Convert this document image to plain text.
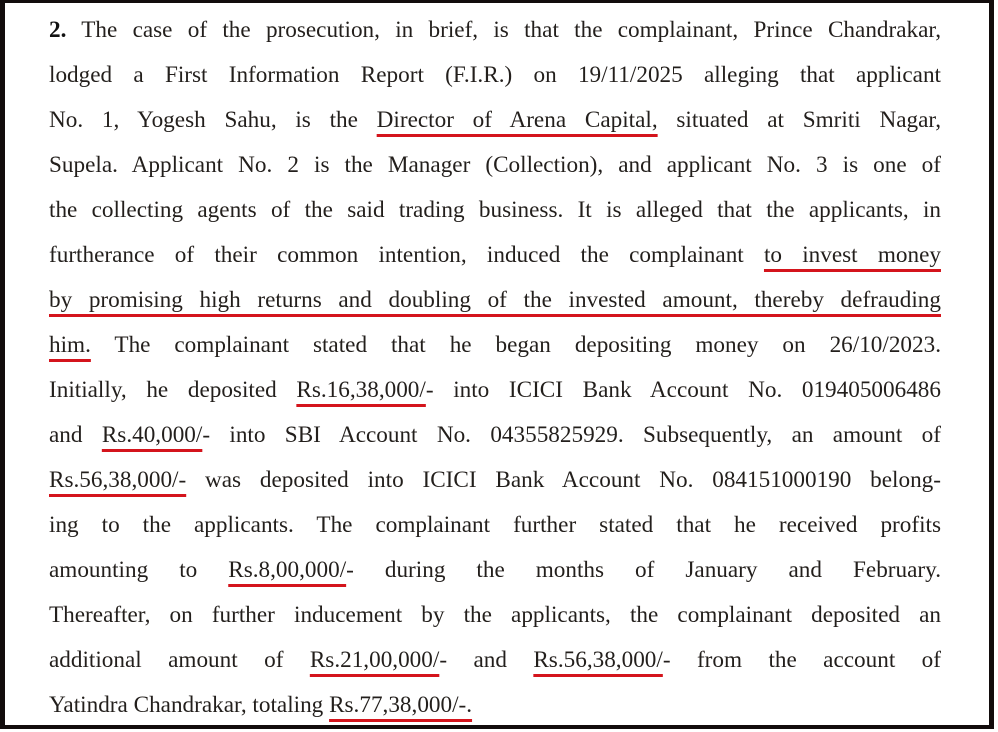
2. The case of the prosecution, in brief, is that the complainant, Prince Chandrakar,
lodged a First Information Report (F.I.R.) on 19/11/2025 alleging that applicant
No. 1, Yogesh Sahu, is the Director of Arena Capital, situated at Smriti Nagar,
Supela. Applicant No. 2 is the Manager (Collection), and applicant No. 3 is one of
the collecting agents of the said trading business. It is alleged that the applicants, in
furtherance of their common intention, induced the complainant to invest money
by promising high returns and doubling of the invested amount, thereby defrauding
him. The complainant stated that he began depositing money on 26/10/2023.
Initially, he deposited Rs.16,38,000/- into ICICI Bank Account No. 019405006486
and Rs.40,000/- into SBI Account No. 04355825929. Subsequently, an amount of
Rs.56,38,000/- was deposited into ICICI Bank Account No. 084151000190 belong-
ing to the applicants. The complainant further stated that he received profits
amounting to Rs.8,00,000/- during the months of January and February.
Thereafter, on further inducement by the applicants, the complainant deposited an
additional amount of Rs.21,00,000/- and Rs.56,38,000/- from the account of
Yatindra Chandrakar, totaling Rs.77,38,000/-.
